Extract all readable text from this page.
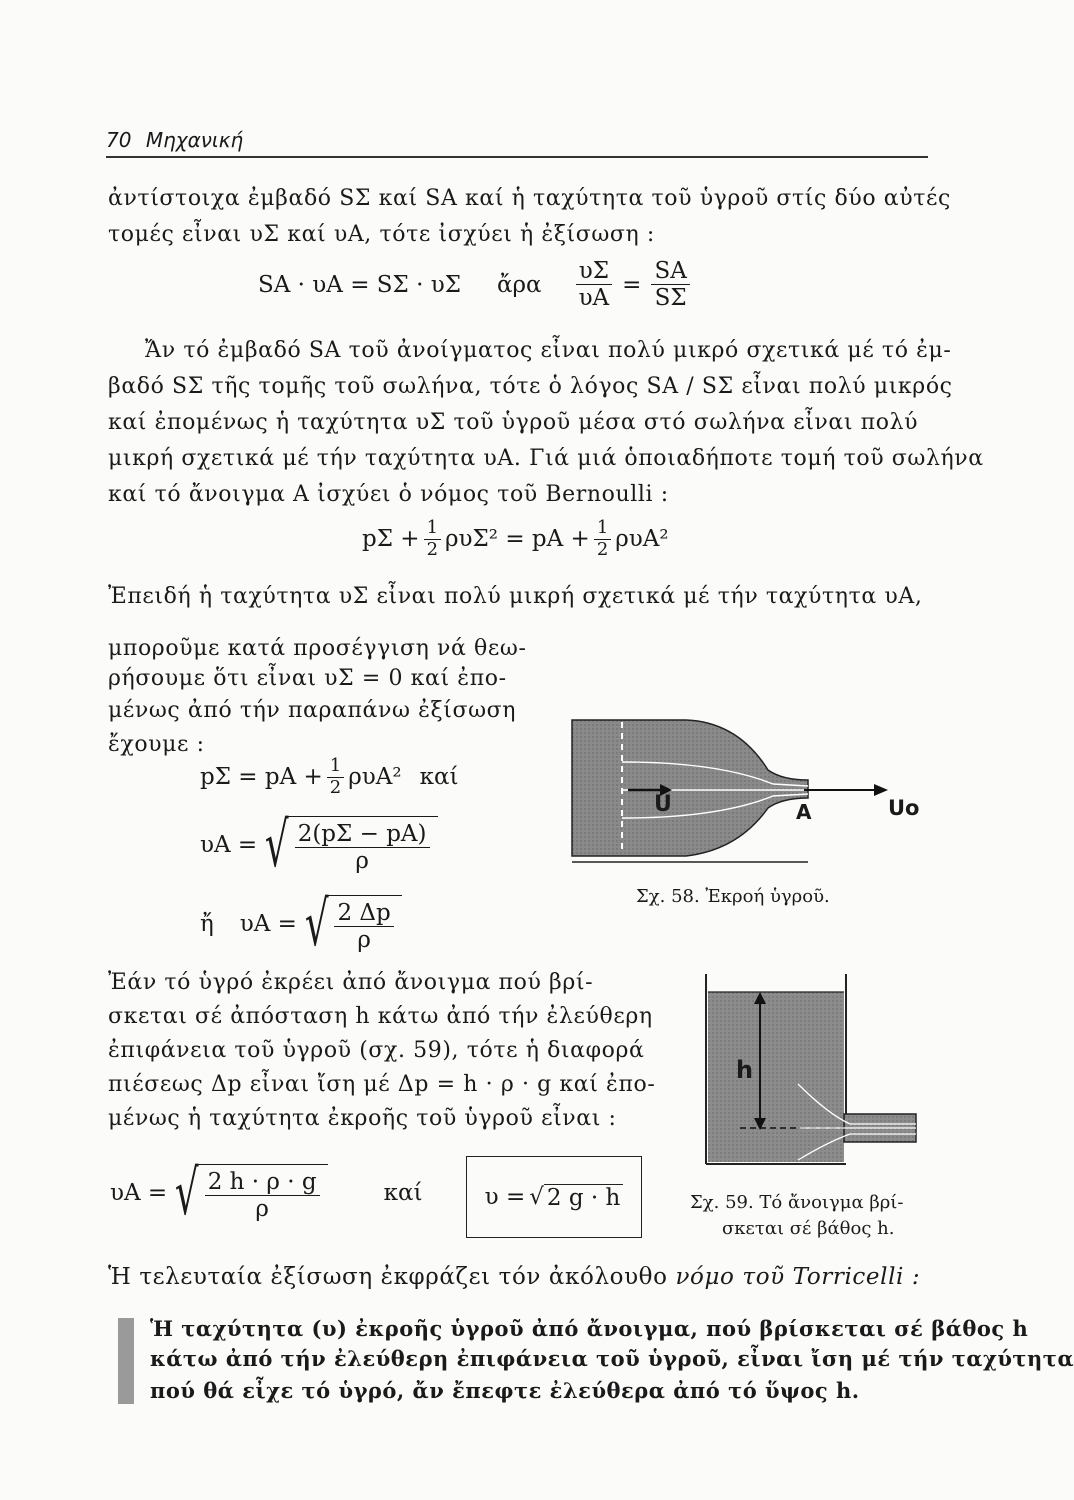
70 Μηχανική
ἀντίστοιχα ἐμβαδό SΣ καί SA καί ἡ ταχύτητα τοῦ ὑγροῦ στίς δύο αὐτές
τομές εἶναι υΣ καί υA, τότε ἰσχύει ἡ ἐξίσωση :
SA · υA = SΣ · υΣ ἄρα $\frac{\upsilon\Sigma}{\upsilon A} = \frac{SA}{S\Sigma}$
Ἄν τό ἐμβαδό SA τοῦ ἀνοίγματος εἶναι πολύ μικρό σχετικά μέ τό ἐμ-
βαδό SΣ τῆς τομῆς τοῦ σωλήνα, τότε ὁ λόγος SA / SΣ εἶναι πολύ μικρός
καί ἐπομένως ἡ ταχύτητα υΣ τοῦ ὑγροῦ μέσα στό σωλήνα εἶναι πολύ
μικρή σχετικά μέ τήν ταχύτητα υA. Γιά μιά ὁποιαδήποτε τομή τοῦ σωλήνα
καί τό ἄνοιγμα Α ἰσχύει ὁ νόμος τοῦ Bernoulli :
$p\Sigma + \frac{1}{2} \rho\upsilon\Sigma^2$ = pA + $\frac{1}{2} \rho\upsilon A^2$
Ἐπειδή ἡ ταχύτητα υΣ εἶναι πολύ μικρή σχετικά μέ τήν ταχύτητα υA,
μποροῦμε κατά προσέγγιση νά θεω-
ρήσουμε ὅτι εἶναι υΣ = 0 καί ἐπο-
μένως ἀπό τήν παραπάνω ἐξίσωση
ἔχουμε :
pΣ = pA + $\frac{1}{2} \rho\upsilon A^2$ καί
υA = √ $\frac{2(p\Sigma - pA)}{\rho}$
ἤ υA = √ $\frac{2 \Delta p}{\rho}$
U	A	Uo
Σχ. 58. Ἐκροή ὑγροῦ.
Ἐάν τό ὑγρό ἐκρέει ἀπό ἄνοιγμα πού βρί-
σκεται σέ ἀπόσταση h κάτω ἀπό τήν ἐλεύθερη
ἐπιφάνεια τοῦ ὑγροῦ (σχ. 59), τότε ἡ διαφορά
πιέσεως Δp εἶναι ἴση μέ Δp = h · ρ · g καί ἐπο-
μένως ἡ ταχύτητα ἐκροῆς τοῦ ὑγροῦ εἶναι :
h
Σχ. 59. Τό ἄνοιγμα βρί-
σκεται σέ βάθος h.
υA = √ $\frac{2 h \cdot \rho \cdot g}{\rho}$	καί	υ = √ 2 g · h
Ἡ τελευταία ἐξίσωση ἐκφράζει τόν ἀκόλουθο νόμο τοῦ Torricelli :
Ἡ ταχύτητα (υ) ἐκροῆς ὑγροῦ ἀπό ἄνοιγμα, πού βρίσκεται σέ βάθος h
κάτω ἀπό τήν ἐλεύθερη ἐπιφάνεια τοῦ ὑγροῦ, εἶναι ἴση μέ τήν ταχύτητα
πού θά εἶχε τό ὑγρό, ἄν ἔπεφτε ἐλεύθερα ἀπό τό ὕψος h.
